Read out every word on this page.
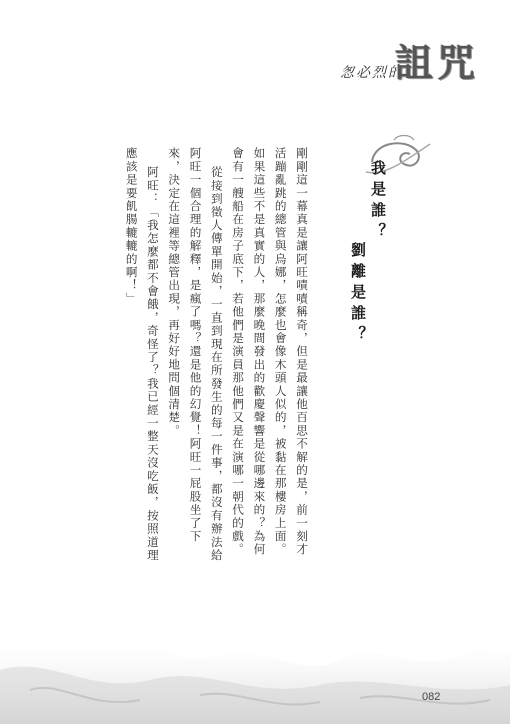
怱必烈的
詛咒
我是誰？
劉離是誰？

剛剛這一幕真是讓阿旺嘖嘖稱奇，但是最讓他百思不解的是，前一刻才活蹦亂跳的總管與烏娜，怎麼也會像木頭人似的，被黏在那樓房上面。如果這些不是真實的人，那麼晚間發出的歡慶聲響是從哪邊來的？為何會有一艘船在房子底下，若他們是演員那他們又是在演哪一朝代的戲。

從接到徵人傳單開始，一直到現在所發生的每一件事，都沒有辦法給阿旺一個合理的解釋，是瘋了嗎？還是他的幻覺！阿旺一屁股坐了下來，決定在這裡等總管出現，再好好地問個清楚。

阿旺：「我怎麼都不會餓，奇怪了？我已經一整天沒吃飯，按照道理應該是要飢腸轆轆的啊！」

082
